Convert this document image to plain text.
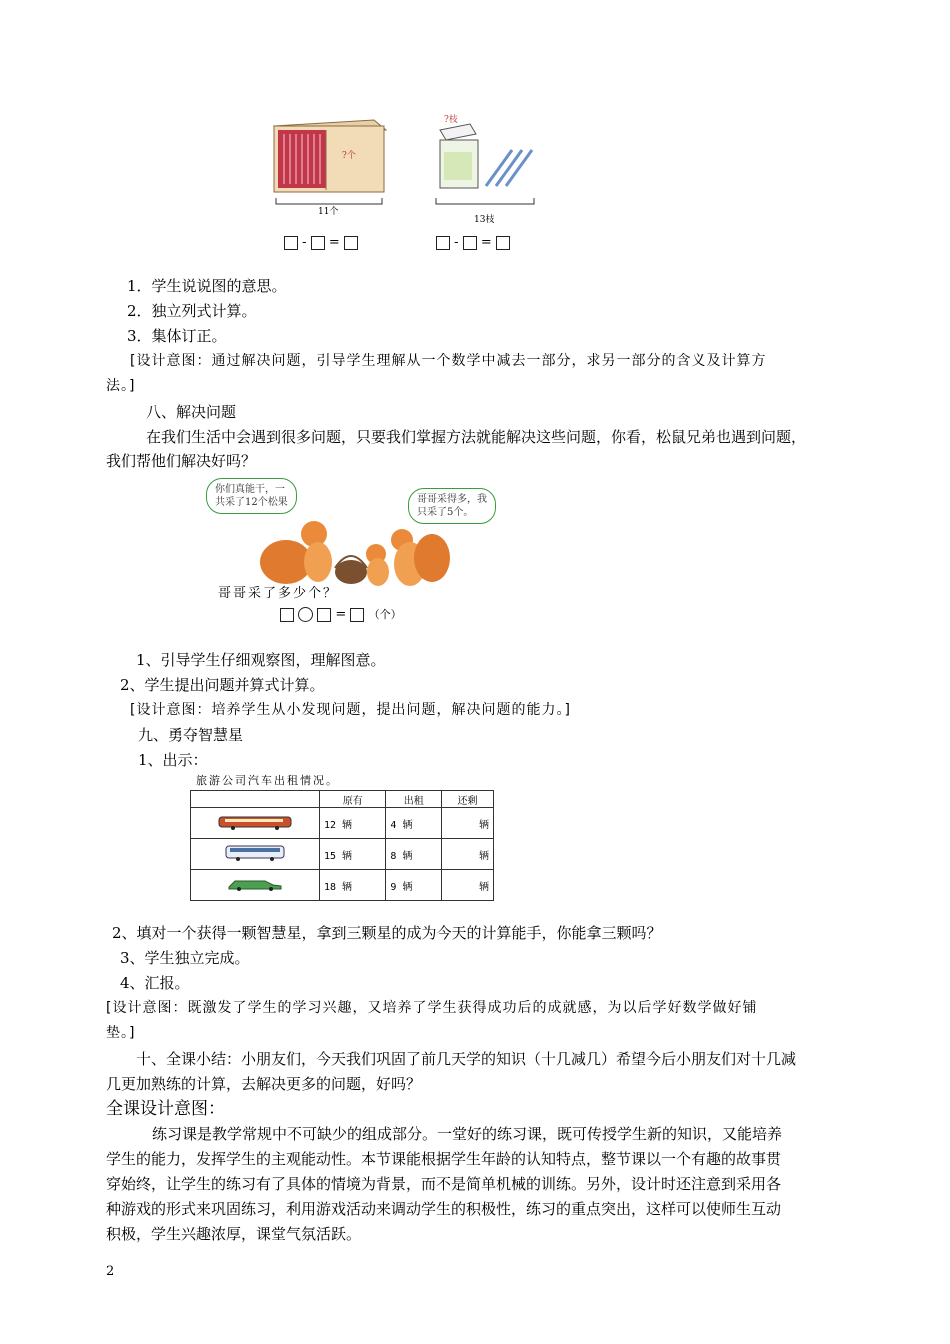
?个
?枝
11个
13枝
- =	- =
1．学生说说图的意思。
2．独立列式计算。
3．集体订正。
[设计意图：通过解决问题，引导学生理解从一个数学中减去一部分，求另一部分的含义及计算方
法。]
八、解决问题
在我们生活中会遇到很多问题，只要我们掌握方法就能解决这些问题，你看，松鼠兄弟也遇到问题，
我们帮他们解决好吗？
你们真能干，一
共采了12个松果	哥哥采得多，我
只采了5个。
哥哥采了多少个？
= （个）
1、引导学生仔细观察图，理解图意。
2、学生提出问题并算式计算。
[设计意图：培养学生从小发现问题，提出问题，解决问题的能力。]
九、勇夺智慧星
1、出示：
旅游公司汽车出租情况。
	原有	出租	还剩
	12 辆	4 辆	辆
	15 辆	8 辆	辆
	18 辆	9 辆	辆
2、填对一个获得一颗智慧星，拿到三颗星的成为今天的计算能手，你能拿三颗吗？
3、学生独立完成。
4、汇报。
[设计意图：既激发了学生的学习兴趣，又培养了学生获得成功后的成就感，为以后学好数学做好铺
垫。]
十、全课小结：小朋友们，今天我们巩固了前几天学的知识（十几减几）希望今后小朋友们对十几减
几更加熟练的计算，去解决更多的问题，好吗？
全课设计意图：
练习课是教学常规中不可缺少的组成部分。一堂好的练习课，既可传授学生新的知识，又能培养
学生的能力，发挥学生的主观能动性。本节课能根据学生年龄的认知特点，整节课以一个有趣的故事贯
穿始终，让学生的练习有了具体的情境为背景，而不是简单机械的训练。另外，设计时还注意到采用各
种游戏的形式来巩固练习，利用游戏活动来调动学生的积极性，练习的重点突出，这样可以使师生互动
积极，学生兴趣浓厚，课堂气氛活跃。
2
